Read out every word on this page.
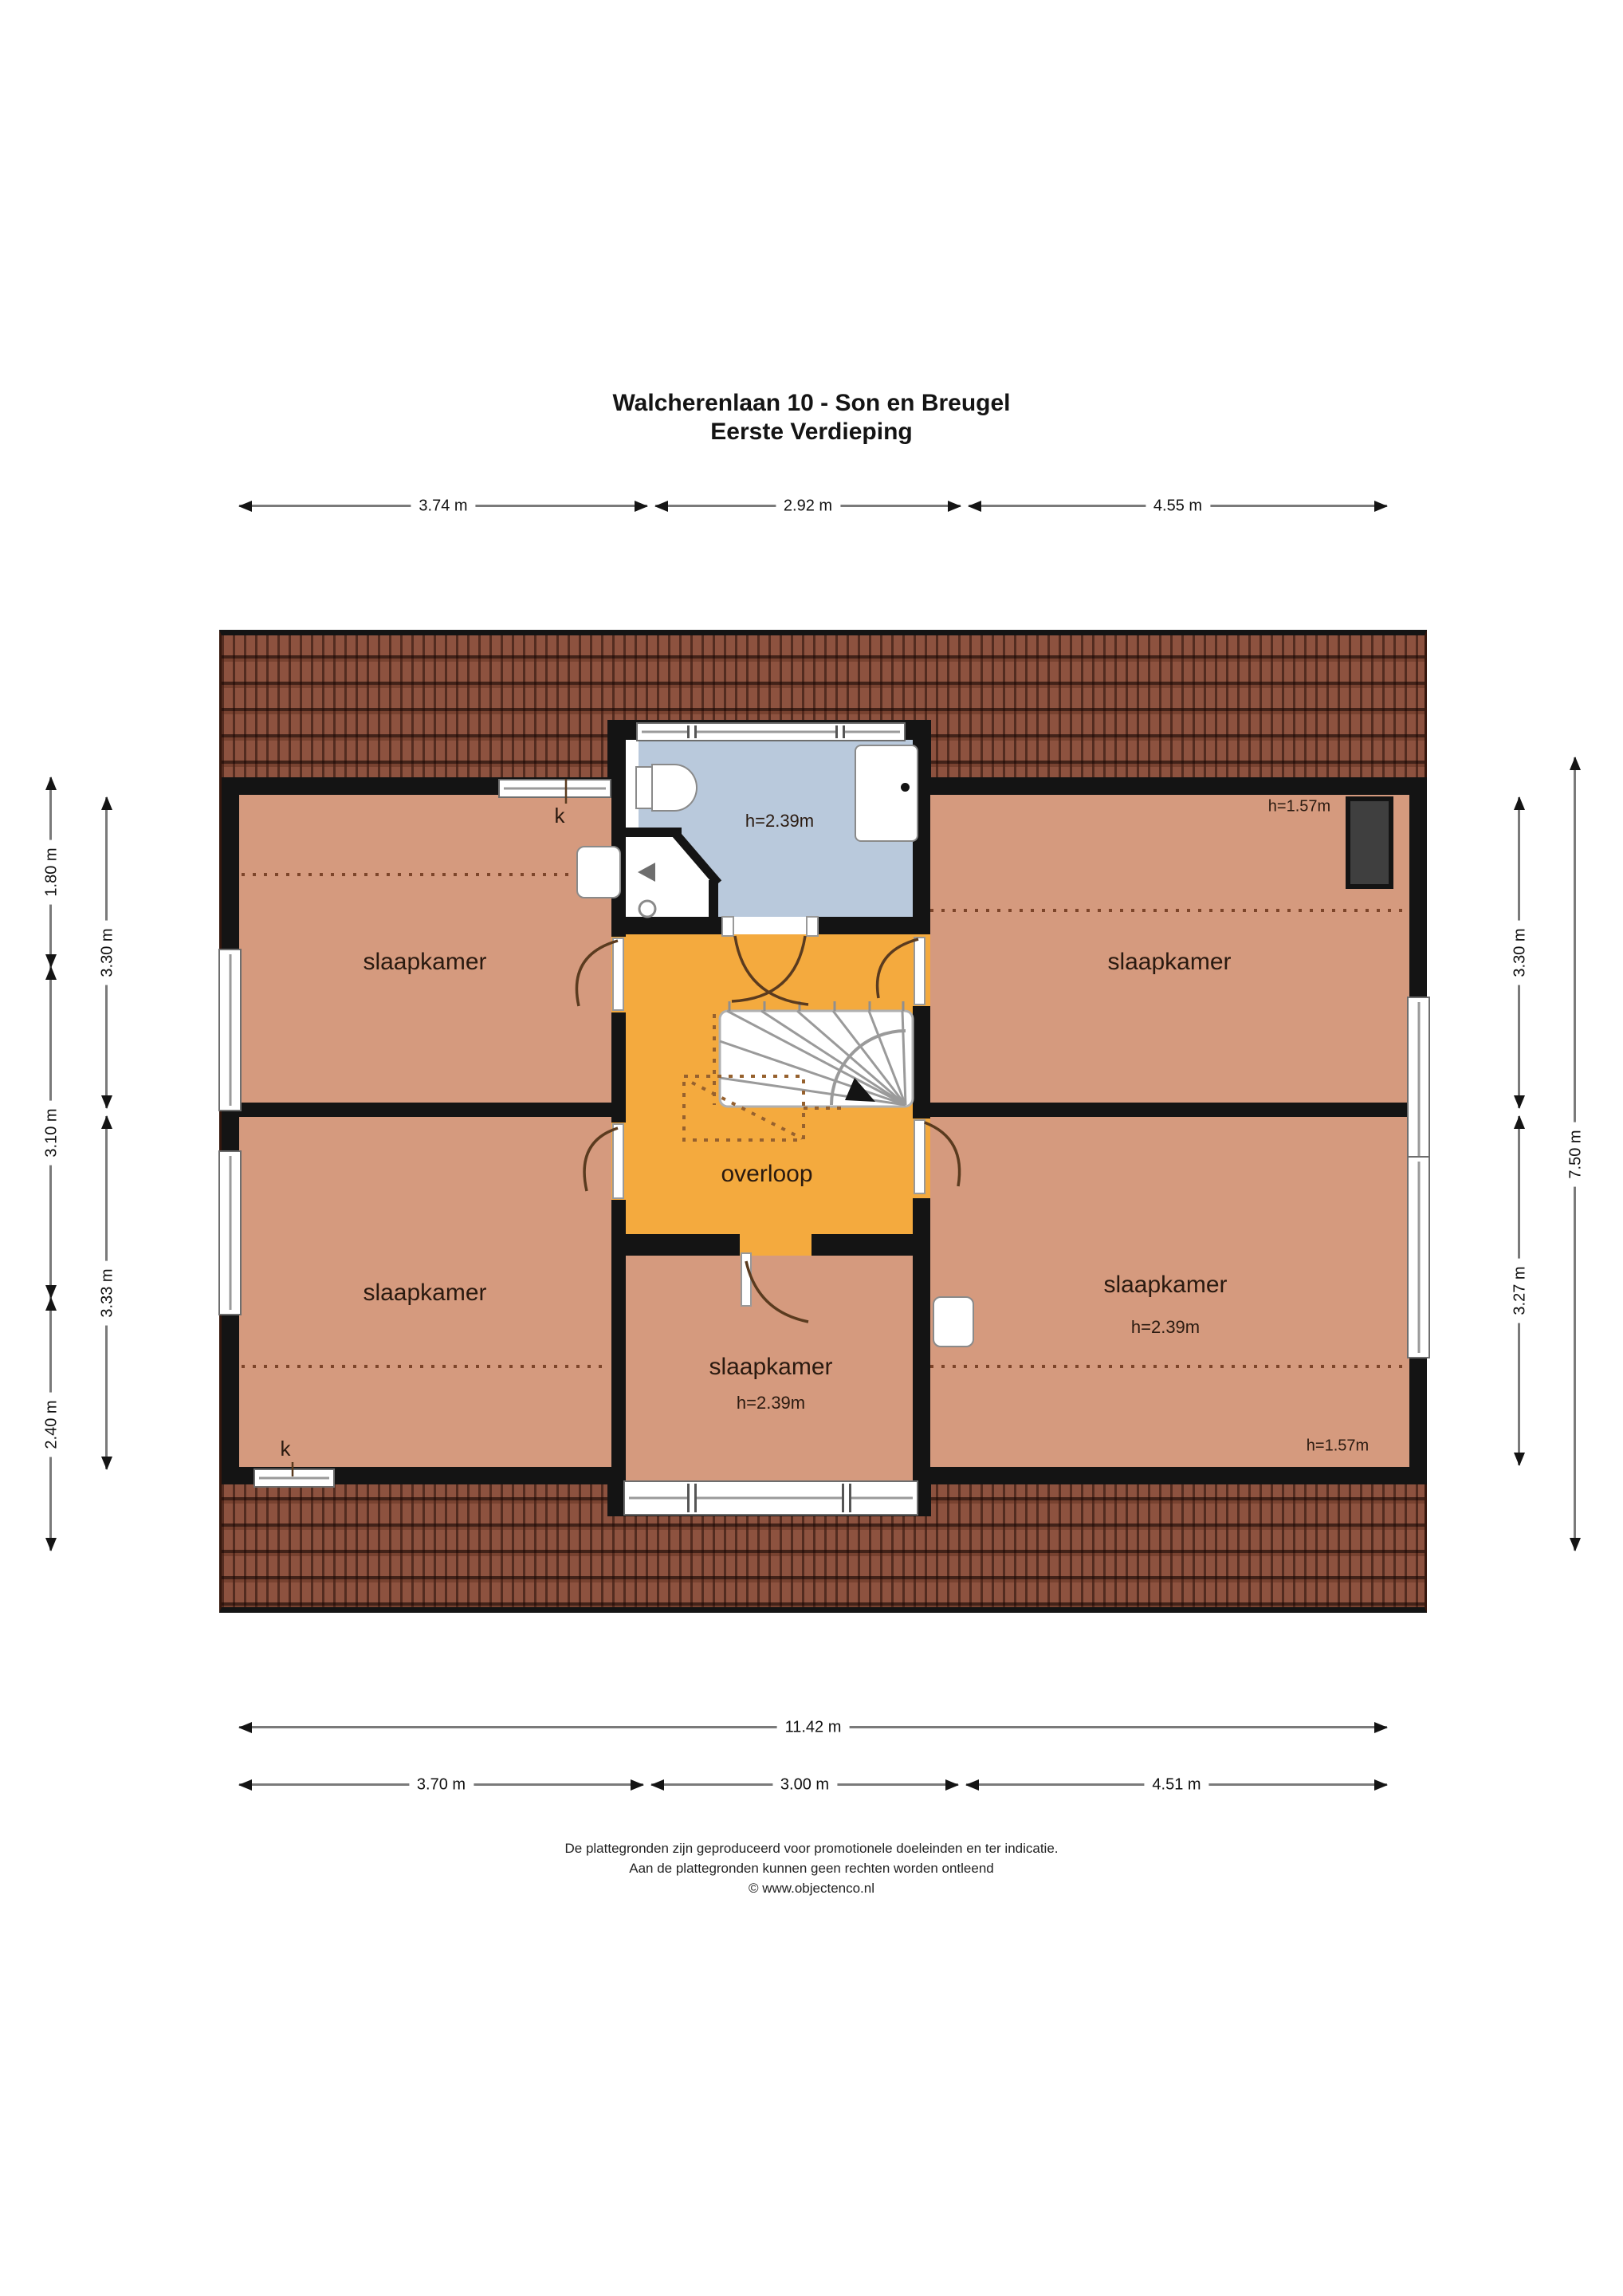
Walcherenlaan 10 - Son en Breugel
Eerste Verdieping
3.74 m	2.92 m	4.55 m
slaapkamer	slaapkamer
slaapkamer	slaapkamer
h=2.39m
slaapkamer
h=2.39m
h=2.39m
overloop
h=1.57m
h=1.57m
k
k
1.80 m
3.10 m
2.40 m
3.30 m
3.33 m
3.30 m
3.27 m
7.50 m
11.42 m
3.70 m	3.00 m	4.51 m
De plattegronden zijn geproduceerd voor promotionele doeleinden en ter indicatie.
Aan de plattegronden kunnen geen rechten worden ontleend
© www.objectenco.nl
